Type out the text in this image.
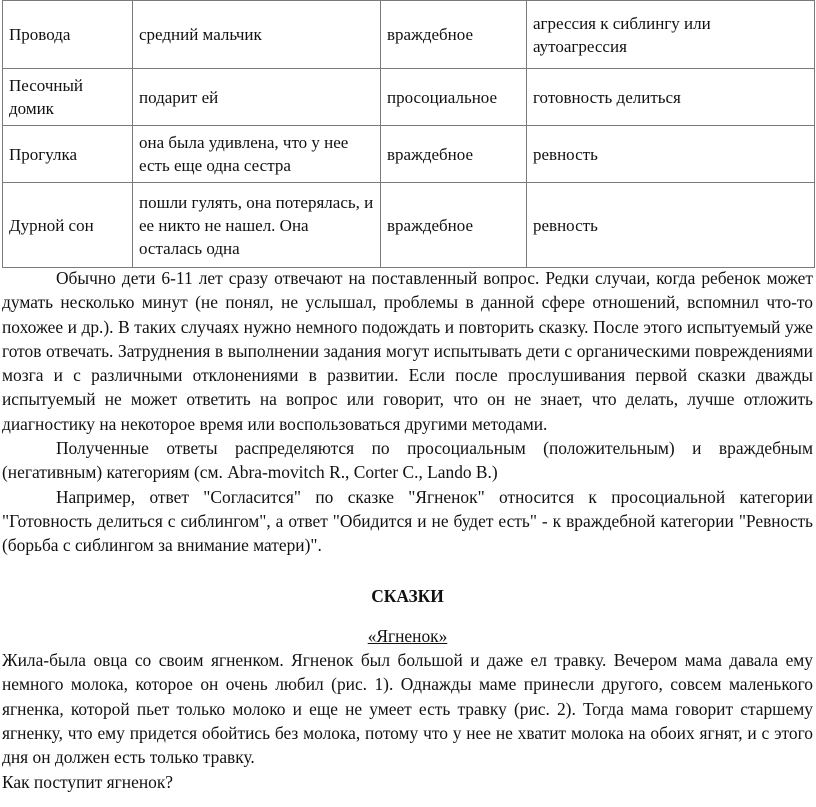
Провода	средний мальчик	враждебное	агрессия к сиблингу или аутоагрессия
Песочный домик	подарит ей	просоциальное	готовность делиться
Прогулка	она была удивлена, что у нее есть еще одна сестра	враждебное	ревность
Дурной сон	пошли гулять, она потерялась, и ее никто не нашел. Она осталась одна	враждебное	ревность

Обычно дети 6-11 лет сразу отвечают на поставленный вопрос. Редки случаи, когда ребенок может думать несколько минут (не понял, не услышал, проблемы в данной сфере отношений, вспомнил что-то похожее и др.). В таких случаях нужно немного подождать и повторить сказку. После этого испытуемый уже готов отвечать. Затруднения в выполнении задания могут испытывать дети с органическими повреждениями мозга и с различными отклонениями в развитии. Если после прослушивания первой сказки дважды испытуемый не может ответить на вопрос или говорит, что он не знает, что делать, лучше отложить диагностику на некоторое время или воспользоваться другими методами.

Полученные ответы распределяются по просоциальным (положительным) и враждебным (негативным) категориям (см. Abra-movitch R., Corter C., Lando B.)

Например, ответ "Согласится" по сказке "Ягненок" относится к просоциальной категории "Готовность делиться с сиблингом", а ответ "Обидится и не будет есть" - к враждебной категории "Ревность (борьба с сиблингом за внимание матери)".

СКАЗКИ

«Ягненок»

Жила-была овца со своим ягненком. Ягненок был большой и даже ел травку. Вечером мама давала ему немного молока, которое он очень любил (рис. 1). Однажды маме принесли другого, совсем маленького ягненка, которой пьет только молоко и еще не умеет есть травку (рис. 2). Тогда мама говорит старшему ягненку, что ему придется обойтись без молока, потому что у нее не хватит молока на обоих ягнят, и с этого дня он должен есть только травку.

Как поступит ягненок?
